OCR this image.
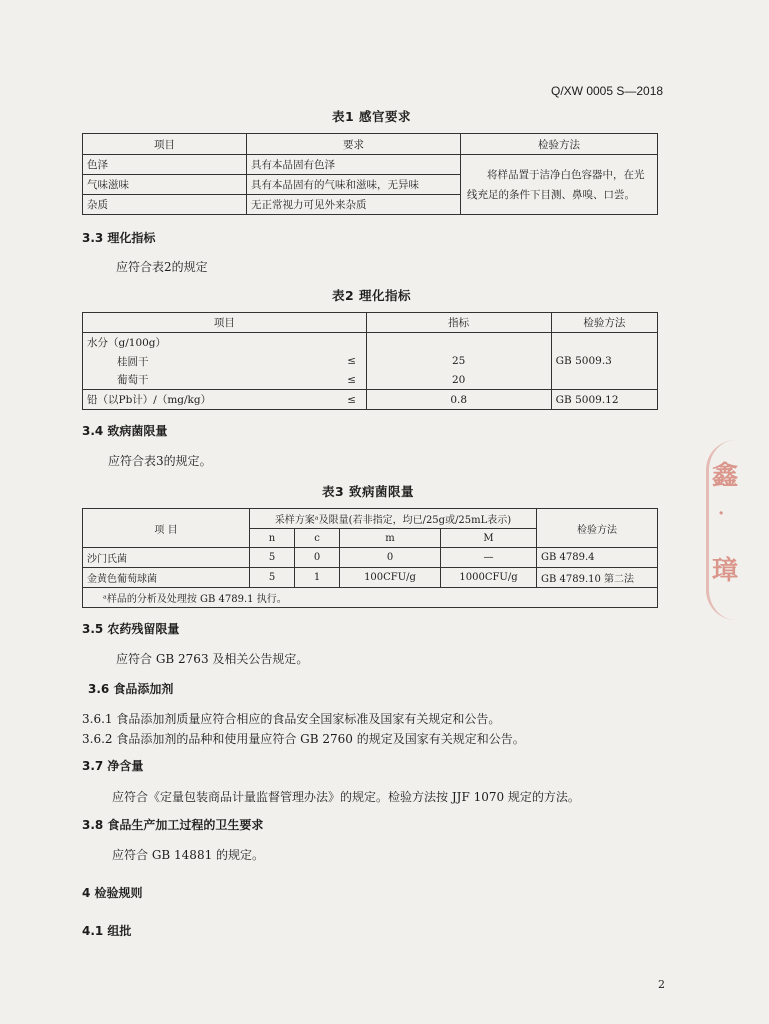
Q/XW 0005 S—2018
表1 感官要求
项目	要求	检验方法
色泽	具有本品固有色泽	将样品置于洁净白色容器中，在光
线充足的条件下目测、鼻嗅、口尝。

气味滋味	具有本品固有的气味和滋味，无异味	
杂质	无正常视力可见外来杂质	
3.3 理化指标
应符合表2的规定
表2 理化指标
项目		指标	检验方法
水分（g/100g）			
桂圆干	≤	25	GB 5009.3
葡萄干	≤	20	
铅（以Pb计）/（mg/kg）	≤	0.8	GB 5009.12
3.4 致病菌限量
应符合表3的规定。
表3 致病菌限量
项 目	采样方案ᵃ及限量(若非指定，均已/25g或/25mL表示)				检验方法
	n	c	m	M	
沙门氏菌	5	0	0	—	GB 4789.4
金黄色葡萄球菌	5	1	100CFU/g	1000CFU/g	GB 4789.10 第二法
ᵃ样品的分析及处理按 GB 4789.1 执行。					
3.5 农药残留限量
应符合 GB 2763 及相关公告规定。
3.6 食品添加剂
3.6.1 食品添加剂质量应符合相应的食品安全国家标准及国家有关规定和公告。
3.6.2 食品添加剂的品种和使用量应符合 GB 2760 的规定及国家有关规定和公告。
3.7 净含量
应符合《定量包装商品计量监督管理办法》的规定。检验方法按 JJF 1070 规定的方法。
3.8 食品生产加工过程的卫生要求
应符合 GB 14881 的规定。
4 检验规则
4.1 组批
鑫
·
璋
2
